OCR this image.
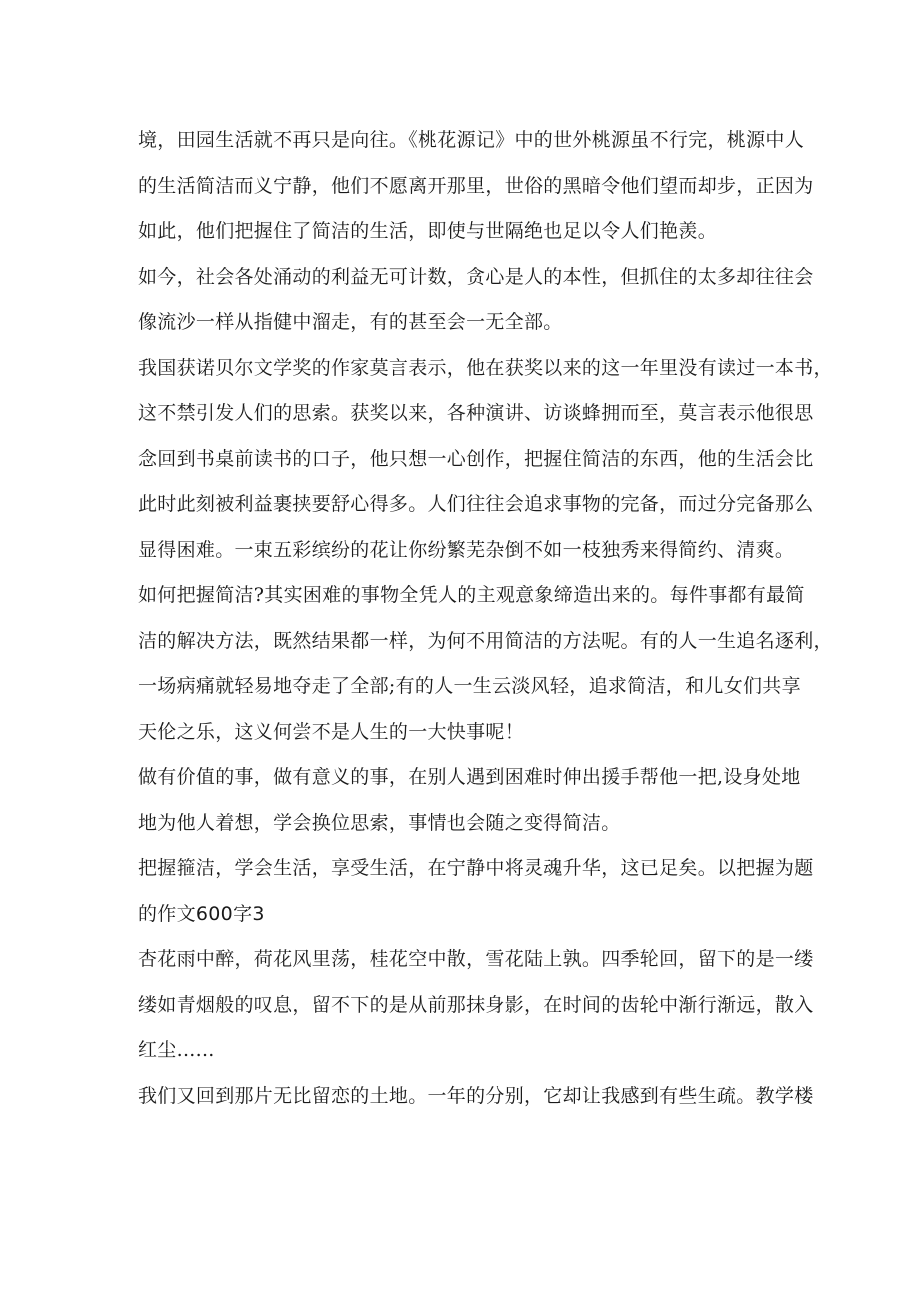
境，田园生活就不再只是向往。《桃花源记》中的世外桃源虽不行完，桃源中人
的生活简洁而义宁静，他们不愿离开那里，世俗的黑暗令他们望而却步，正因为
如此，他们把握住了简洁的生活，即使与世隔绝也足以令人们艳羡。
如今，社会各处涌动的利益无可计数，贪心是人的本性，但抓住的太多却往往会
像流沙一样从指健中溜走，有的甚至会一无全部。
我国获诺贝尔文学奖的作家莫言表示，他在获奖以来的这一年里没有读过一本书，
这不禁引发人们的思索。获奖以来，各种演讲、访谈蜂拥而至，莫言表示他很思
念回到书桌前读书的口子，他只想一心创作，把握住简洁的东西，他的生活会比
此时此刻被利益裹挟要舒心得多。人们往往会追求事物的完备，而过分完备那么
显得困难。一束五彩缤纷的花让你纷繁芜杂倒不如一枝独秀来得简约、清爽。
如何把握简洁?其实困难的事物全凭人的主观意象缔造出来的。每件事都有最简
洁的解决方法，既然结果都一样，为何不用简洁的方法呢。有的人一生追名逐利，
一场病痛就轻易地夺走了全部;有的人一生云淡风轻，追求简洁，和儿女们共享
天伦之乐，这义何尝不是人生的一大快事呢！
做有价值的事，做有意义的事，在别人遇到困难时伸出援手帮他一把,设身处地
地为他人着想，学会换位思索，事情也会随之变得简洁。
把握箍洁，学会生活，享受生活，在宁静中将灵魂升华，这已足矣。以把握为题
的作文600字3
杏花雨中醉，荷花风里荡，桂花空中散，雪花陆上孰。四季轮回，留下的是一缕
缕如青烟般的叹息，留不下的是从前那抹身影，在时间的齿轮中渐行渐远，散入
红尘......
我们又回到那片无比留恋的土地。一年的分别，它却让我感到有些生疏。教学楼
